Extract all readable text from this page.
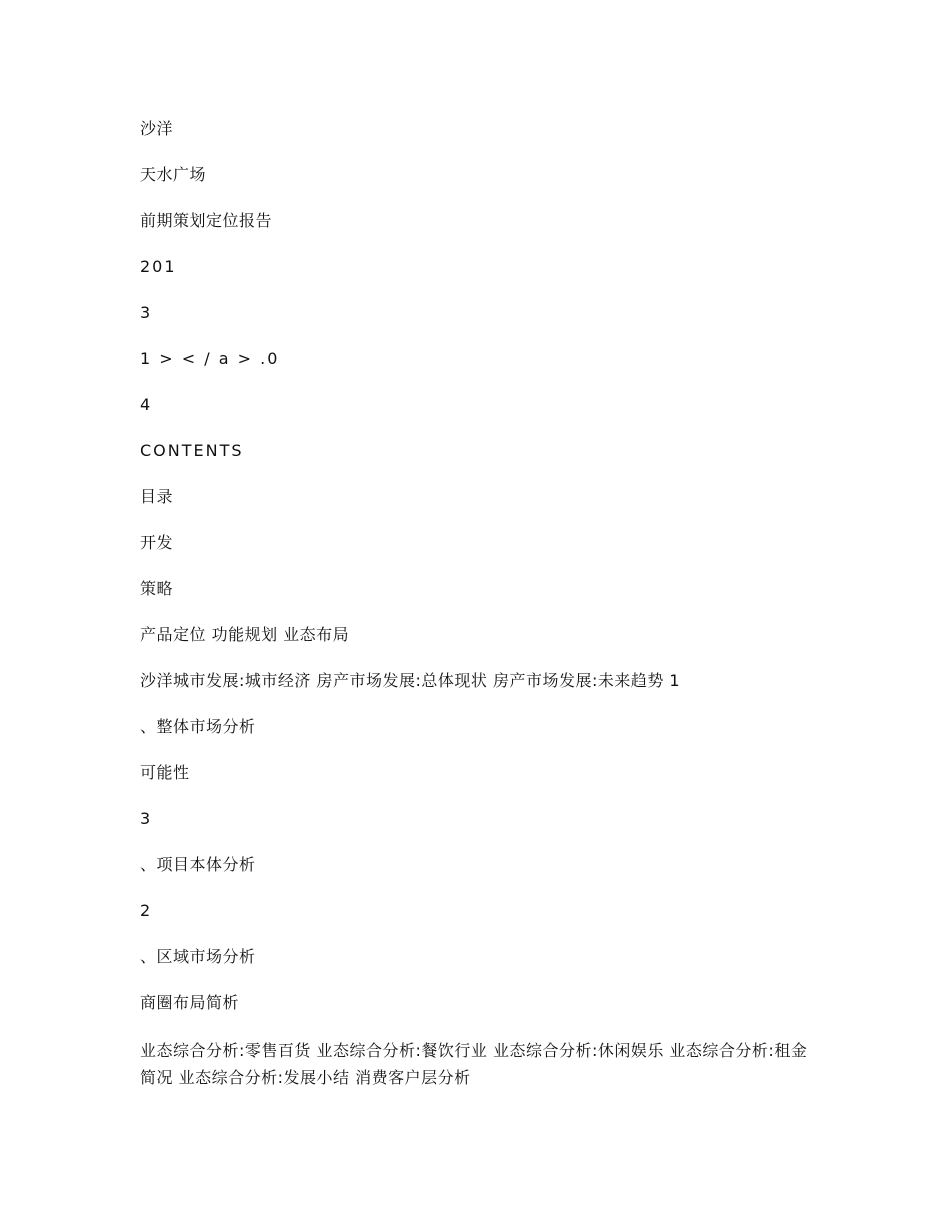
沙洋
天水广场
前期策划定位报告
201
3
1 > < / a > .0
4
CONTENTS
目录
开发
策略
产品定位 功能规划 业态布局
沙洋城市发展:城市经济 房产市场发展:总体现状 房产市场发展:未来趋势 1
、整体市场分析
可能性
3
、项目本体分析
2
、区域市场分析
商圈布局简析
业态综合分析:零售百货 业态综合分析:餐饮行业 业态综合分析:休闲娱乐 业态综合分析:租金简况 业态综合分析:发展小结 消费客户层分析
